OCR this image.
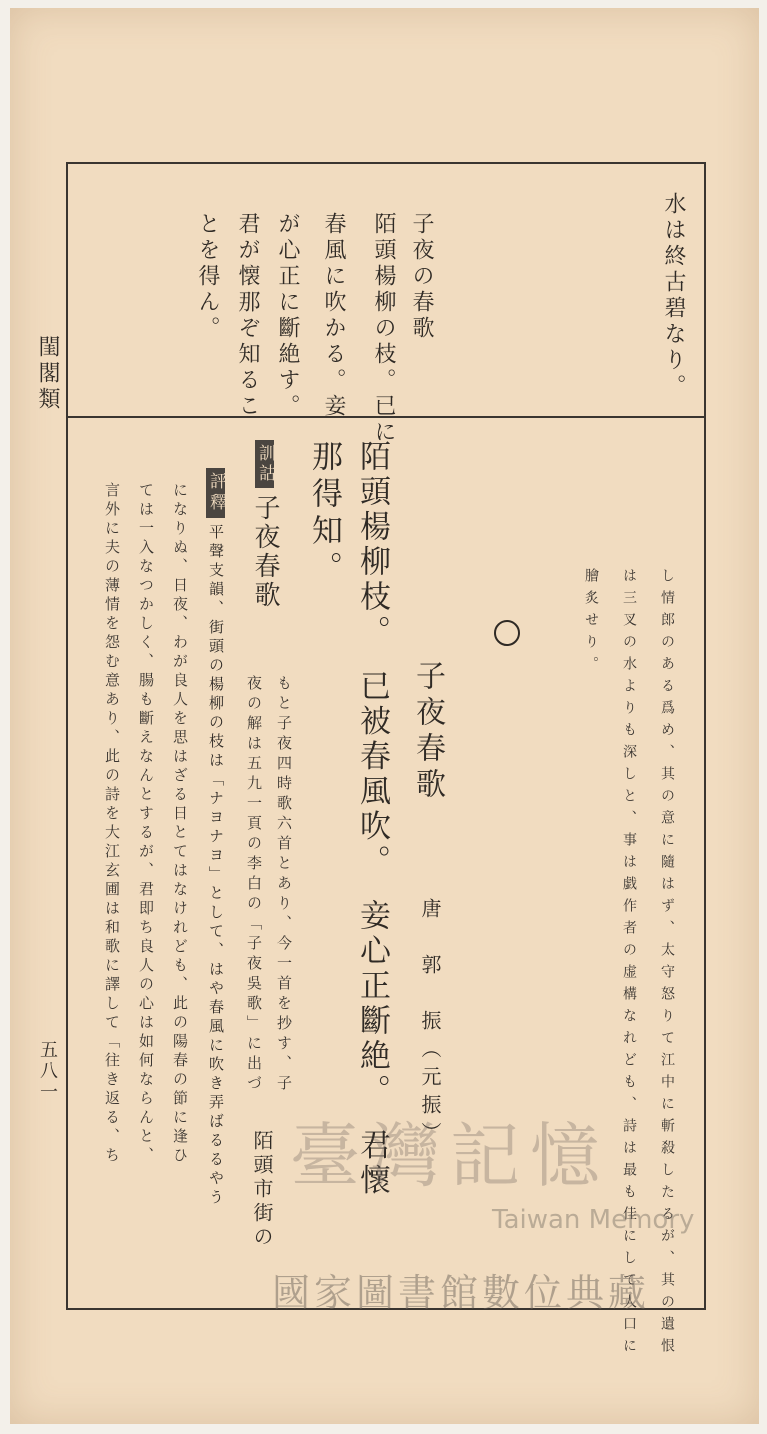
閨閣類
五八一
水は終古碧なり。
子夜の春歌
陌頭楊柳の枝。已に
春風に吹かる。妾
が心正に斷絶す。
君が懐那ぞ知るこ
とを得ん。
し情郎のある爲め、其の意に隨はず、太守怒りて江中に斬殺したるが、其の遺恨
は三叉の水よりも深しと、事は戯作者の虚構なれども、詩は最も佳にして人口に
膾炙せり。
子夜春歌
唐　郭　振（元振）
陌頭楊柳枝。　已被春風吹。　妾心正斷絶。　君懷
那得知。
訓詁子夜春歌
もと子夜四時歌六首とあり、今一首を抄す、子
夜の解は五九一頁の李白の「子夜吳歌」に出づ
陌頭市街の
評釋平聲支韻、街頭の楊柳の枝は「ナヨナヨ」として、はや春風に吹き弄ばるるやう
になりぬ、日夜、わが良人を思はざる日とてはなけれども、此の陽春の節に逢ひ
ては一入なつかしく、腸も斷えなんとするが、君即ち良人の心は如何ならんと、
言外に夫の薄情を怨む意あり、此の詩を大江玄圃は和歌に譯して「往き返る、ち 臺灣記憶
Taiwan Memory
國家圖書館數位典藏
